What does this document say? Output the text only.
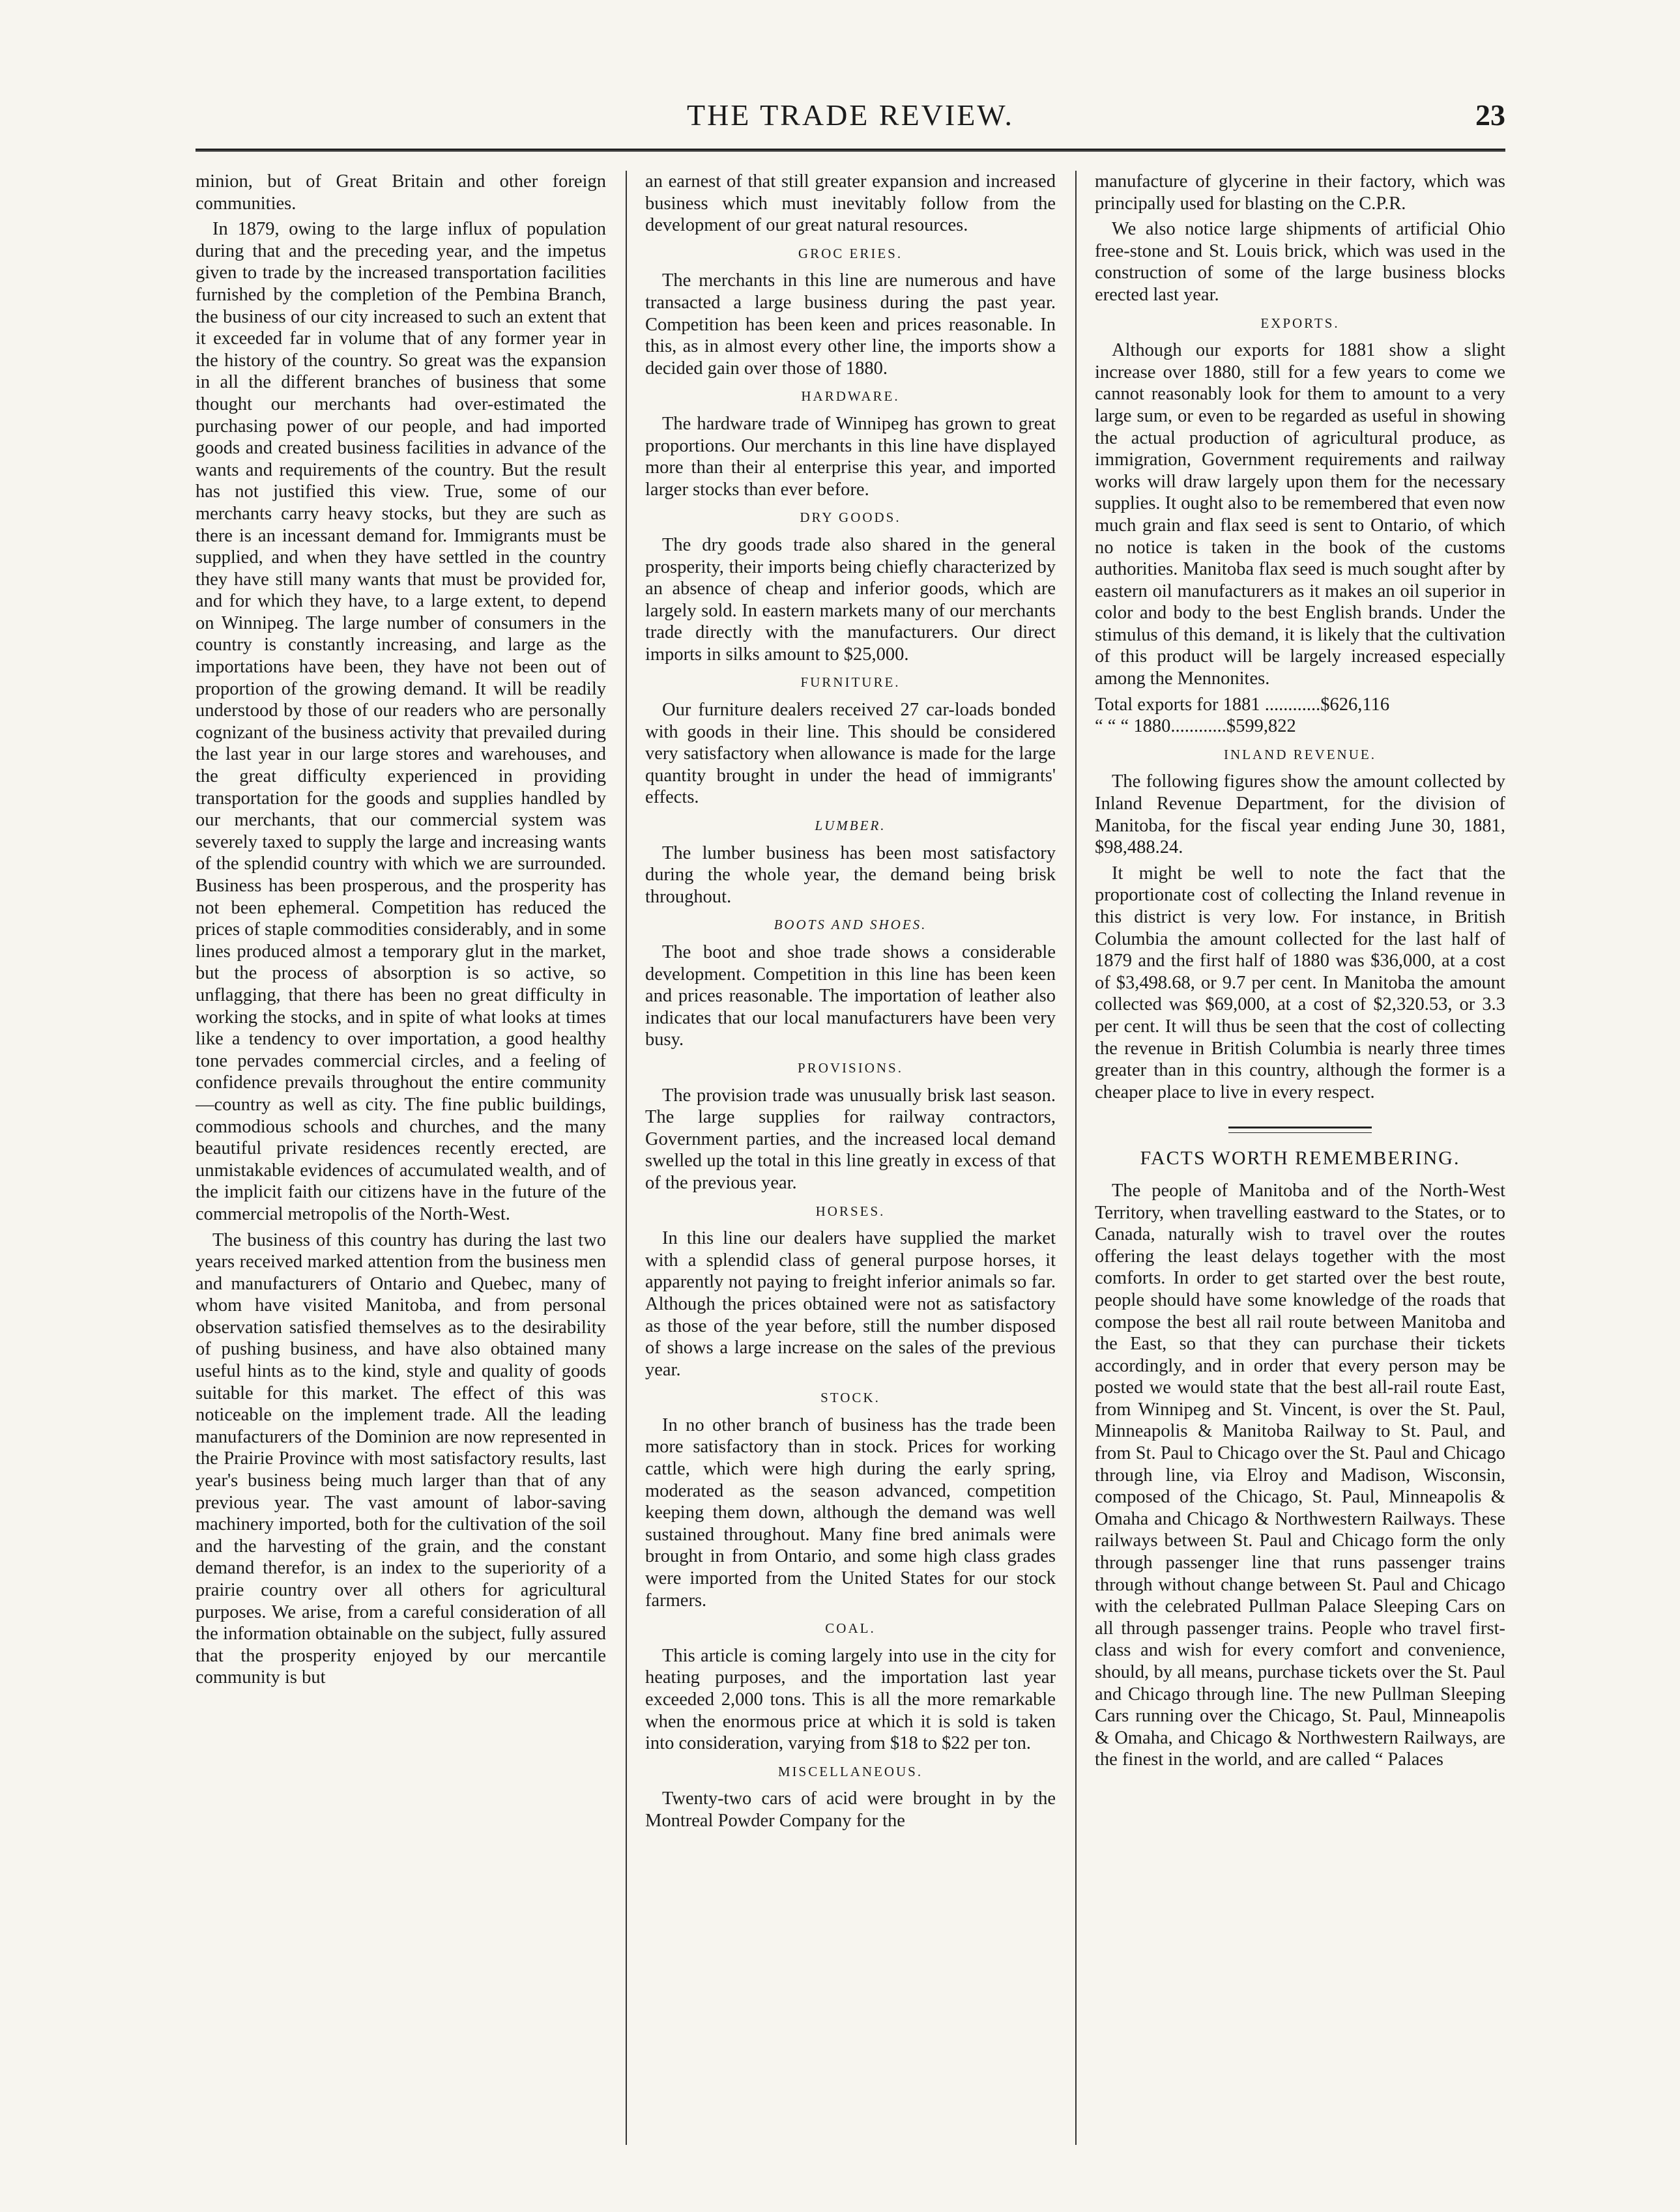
THE TRADE REVIEW.	23

minion, but of Great Britain and other foreign communities.

In 1879, owing to the large influx of population during that and the preceding year, and the impetus given to trade by the increased transportation facilities furnished by the completion of the Pembina Branch, the business of our city increased to such an extent that it exceeded far in volume that of any former year in the history of the country. So great was the expansion in all the different branches of business that some thought our merchants had over-estimated the purchasing power of our people, and had imported goods and created business facilities in advance of the wants and requirements of the country. But the result has not justified this view. True, some of our merchants carry heavy stocks, but they are such as there is an incessant demand for. Immigrants must be supplied, and when they have settled in the country they have still many wants that must be provided for, and for which they have, to a large extent, to depend on Winnipeg. The large number of consumers in the country is constantly increasing, and large as the importations have been, they have not been out of proportion of the growing demand. It will be readily understood by those of our readers who are personally cognizant of the business activity that prevailed during the last year in our large stores and warehouses, and the great difficulty experienced in providing transportation for the goods and supplies handled by our merchants, that our commercial system was severely taxed to supply the large and increasing wants of the splendid country with which we are surrounded. Business has been prosperous, and the prosperity has not been ephemeral. Competition has reduced the prices of staple commodities considerably, and in some lines produced almost a temporary glut in the market, but the process of absorption is so active, so unflagging, that there has been no great difficulty in working the stocks, and in spite of what looks at times like a tendency to over importation, a good healthy tone pervades commercial circles, and a feeling of confidence prevails throughout the entire community—country as well as city. The fine public buildings, commodious schools and churches, and the many beautiful private residences recently erected, are unmistakable evidences of accumulated wealth, and of the implicit faith our citizens have in the future of the commercial metropolis of the North-West.

The business of this country has during the last two years received marked attention from the business men and manufacturers of Ontario and Quebec, many of whom have visited Manitoba, and from personal observation satisfied themselves as to the desirability of pushing business, and have also obtained many useful hints as to the kind, style and quality of goods suitable for this market. The effect of this was noticeable on the implement trade. All the leading manufacturers of the Dominion are now represented in the Prairie Province with most satisfactory results, last year's business being much larger than that of any previous year. The vast amount of labor-saving machinery imported, both for the cultivation of the soil and the harvesting of the grain, and the constant demand therefor, is an index to the superiority of a prairie country over all others for agricultural purposes. We arise, from a careful consideration of all the information obtainable on the subject, fully assured that the prosperity enjoyed by our mercantile community is but

an earnest of that still greater expansion and increased business which must inevitably follow from the development of our great natural resources.

GROC ERIES.

The merchants in this line are numerous and have transacted a large business during the past year. Competition has been keen and prices reasonable. In this, as in almost every other line, the imports show a decided gain over those of 1880.

HARDWARE.

The hardware trade of Winnipeg has grown to great proportions. Our merchants in this line have displayed more than their al enterprise this year, and imported larger stocks than ever before.

DRY GOODS.

The dry goods trade also shared in the general prosperity, their imports being chiefly characterized by an absence of cheap and inferior goods, which are largely sold. In eastern markets many of our merchants trade directly with the manufacturers. Our direct imports in silks amount to $25,000.

FURNITURE.

Our furniture dealers received 27 car-loads bonded with goods in their line. This should be considered very satisfactory when allowance is made for the large quantity brought in under the head of immigrants' effects.

LUMBER.

The lumber business has been most satisfactory during the whole year, the demand being brisk throughout.

BOOTS AND SHOES.

The boot and shoe trade shows a considerable development. Competition in this line has been keen and prices reasonable. The importation of leather also indicates that our local manufacturers have been very busy.

PROVISIONS.

The provision trade was unusually brisk last season. The large supplies for railway contractors, Government parties, and the increased local demand swelled up the total in this line greatly in excess of that of the previous year.

HORSES.

In this line our dealers have supplied the market with a splendid class of general purpose horses, it apparently not paying to freight inferior animals so far. Although the prices obtained were not as satisfactory as those of the year before, still the number disposed of shows a large increase on the sales of the previous year.

STOCK.

In no other branch of business has the trade been more satisfactory than in stock. Prices for working cattle, which were high during the early spring, moderated as the season advanced, competition keeping them down, although the demand was well sustained throughout. Many fine bred animals were brought in from Ontario, and some high class grades were imported from the United States for our stock farmers.

COAL.

This article is coming largely into use in the city for heating purposes, and the importation last year exceeded 2,000 tons. This is all the more remarkable when the enormous price at which it is sold is taken into consideration, varying from $18 to $22 per ton.

MISCELLANEOUS.

Twenty-two cars of acid were brought in by the Montreal Powder Company for the

manufacture of glycerine in their factory, which was principally used for blasting on the C.P.R.

We also notice large shipments of artificial Ohio free-stone and St. Louis brick, which was used in the construction of some of the large business blocks erected last year.

EXPORTS.

Although our exports for 1881 show a slight increase over 1880, still for a few years to come we cannot reasonably look for them to amount to a very large sum, or even to be regarded as useful in showing the actual production of agricultural produce, as immigration, Government requirements and railway works will draw largely upon them for the necessary supplies. It ought also to be remembered that even now much grain and flax seed is sent to Ontario, of which no notice is taken in the book of the customs authorities. Manitoba flax seed is much sought after by eastern oil manufacturers as it makes an oil superior in color and body to the best English brands. Under the stimulus of this demand, it is likely that the cultivation of this product will be largely increased especially among the Mennonites.

Total exports for 1881 ............$626,116
“ “ “ 1880............$599,822
INLAND REVENUE.

The following figures show the amount collected by Inland Revenue Department, for the division of Manitoba, for the fiscal year ending June 30, 1881, $98,488.24.

It might be well to note the fact that the proportionate cost of collecting the Inland revenue in this district is very low. For instance, in British Columbia the amount collected for the last half of 1879 and the first half of 1880 was $36,000, at a cost of $3,498.68, or 9.7 per cent. In Manitoba the amount collected was $69,000, at a cost of $2,320.53, or 3.3 per cent. It will thus be seen that the cost of collecting the revenue in British Columbia is nearly three times greater than in this country, although the former is a cheaper place to live in every respect.

FACTS WORTH REMEMBERING.

The people of Manitoba and of the North-West Territory, when travelling eastward to the States, or to Canada, naturally wish to travel over the routes offering the least delays together with the most comforts. In order to get started over the best route, people should have some knowledge of the roads that compose the best all rail route between Manitoba and the East, so that they can purchase their tickets accordingly, and in order that every person may be posted we would state that the best all-rail route East, from Winnipeg and St. Vincent, is over the St. Paul, Minneapolis & Manitoba Railway to St. Paul, and from St. Paul to Chicago over the St. Paul and Chicago through line, via Elroy and Madison, Wisconsin, composed of the Chicago, St. Paul, Minneapolis & Omaha and Chicago & Northwestern Railways. These railways between St. Paul and Chicago form the only through passenger line that runs passenger trains through without change between St. Paul and Chicago with the celebrated Pullman Palace Sleeping Cars on all through passenger trains. People who travel first-class and wish for every comfort and convenience, should, by all means, purchase tickets over the St. Paul and Chicago through line. The new Pullman Sleeping Cars running over the Chicago, St. Paul, Minneapolis & Omaha, and Chicago & Northwestern Railways, are the finest in the world, and are called “ Palaces
